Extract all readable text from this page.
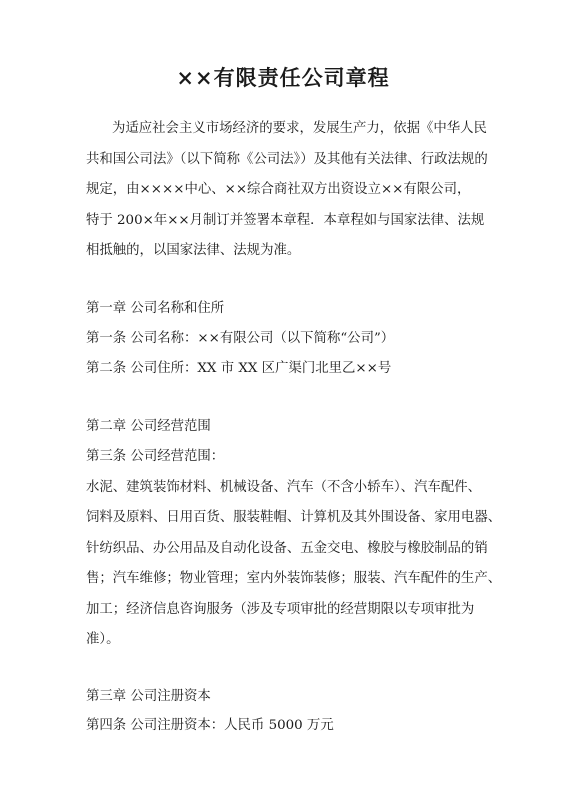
××有限责任公司章程
为适应社会主义市场经济的要求，发展生产力，依据《中华人民
共和国公司法》（以下简称《公司法》）及其他有关法律、行政法规的
规定，由××××中心、××综合商社双方出资设立××有限公司，
特于 200×年××月制订并签署本章程．本章程如与国家法律、法规
相抵触的，以国家法律、法规为准。
第一章 公司名称和住所
第一条 公司名称：××有限公司（以下简称“公司”）
第二条 公司住所：XX 市 XX 区广渠门北里乙××号
第二章 公司经营范围
第三条 公司经营范围：
水泥、建筑装饰材料、机械设备、汽车（不含小轿车）、汽车配件、
饲料及原料、日用百货、服装鞋帽、计算机及其外围设备、家用电器、
针纺织品、办公用品及自动化设备、五金交电、橡胶与橡胶制品的销
售；汽车维修；物业管理；室内外装饰装修；服装、汽车配件的生产、
加工；经济信息咨询服务（涉及专项审批的经营期限以专项审批为
准）。
第三章 公司注册资本
第四条 公司注册资本：人民币 5000 万元
